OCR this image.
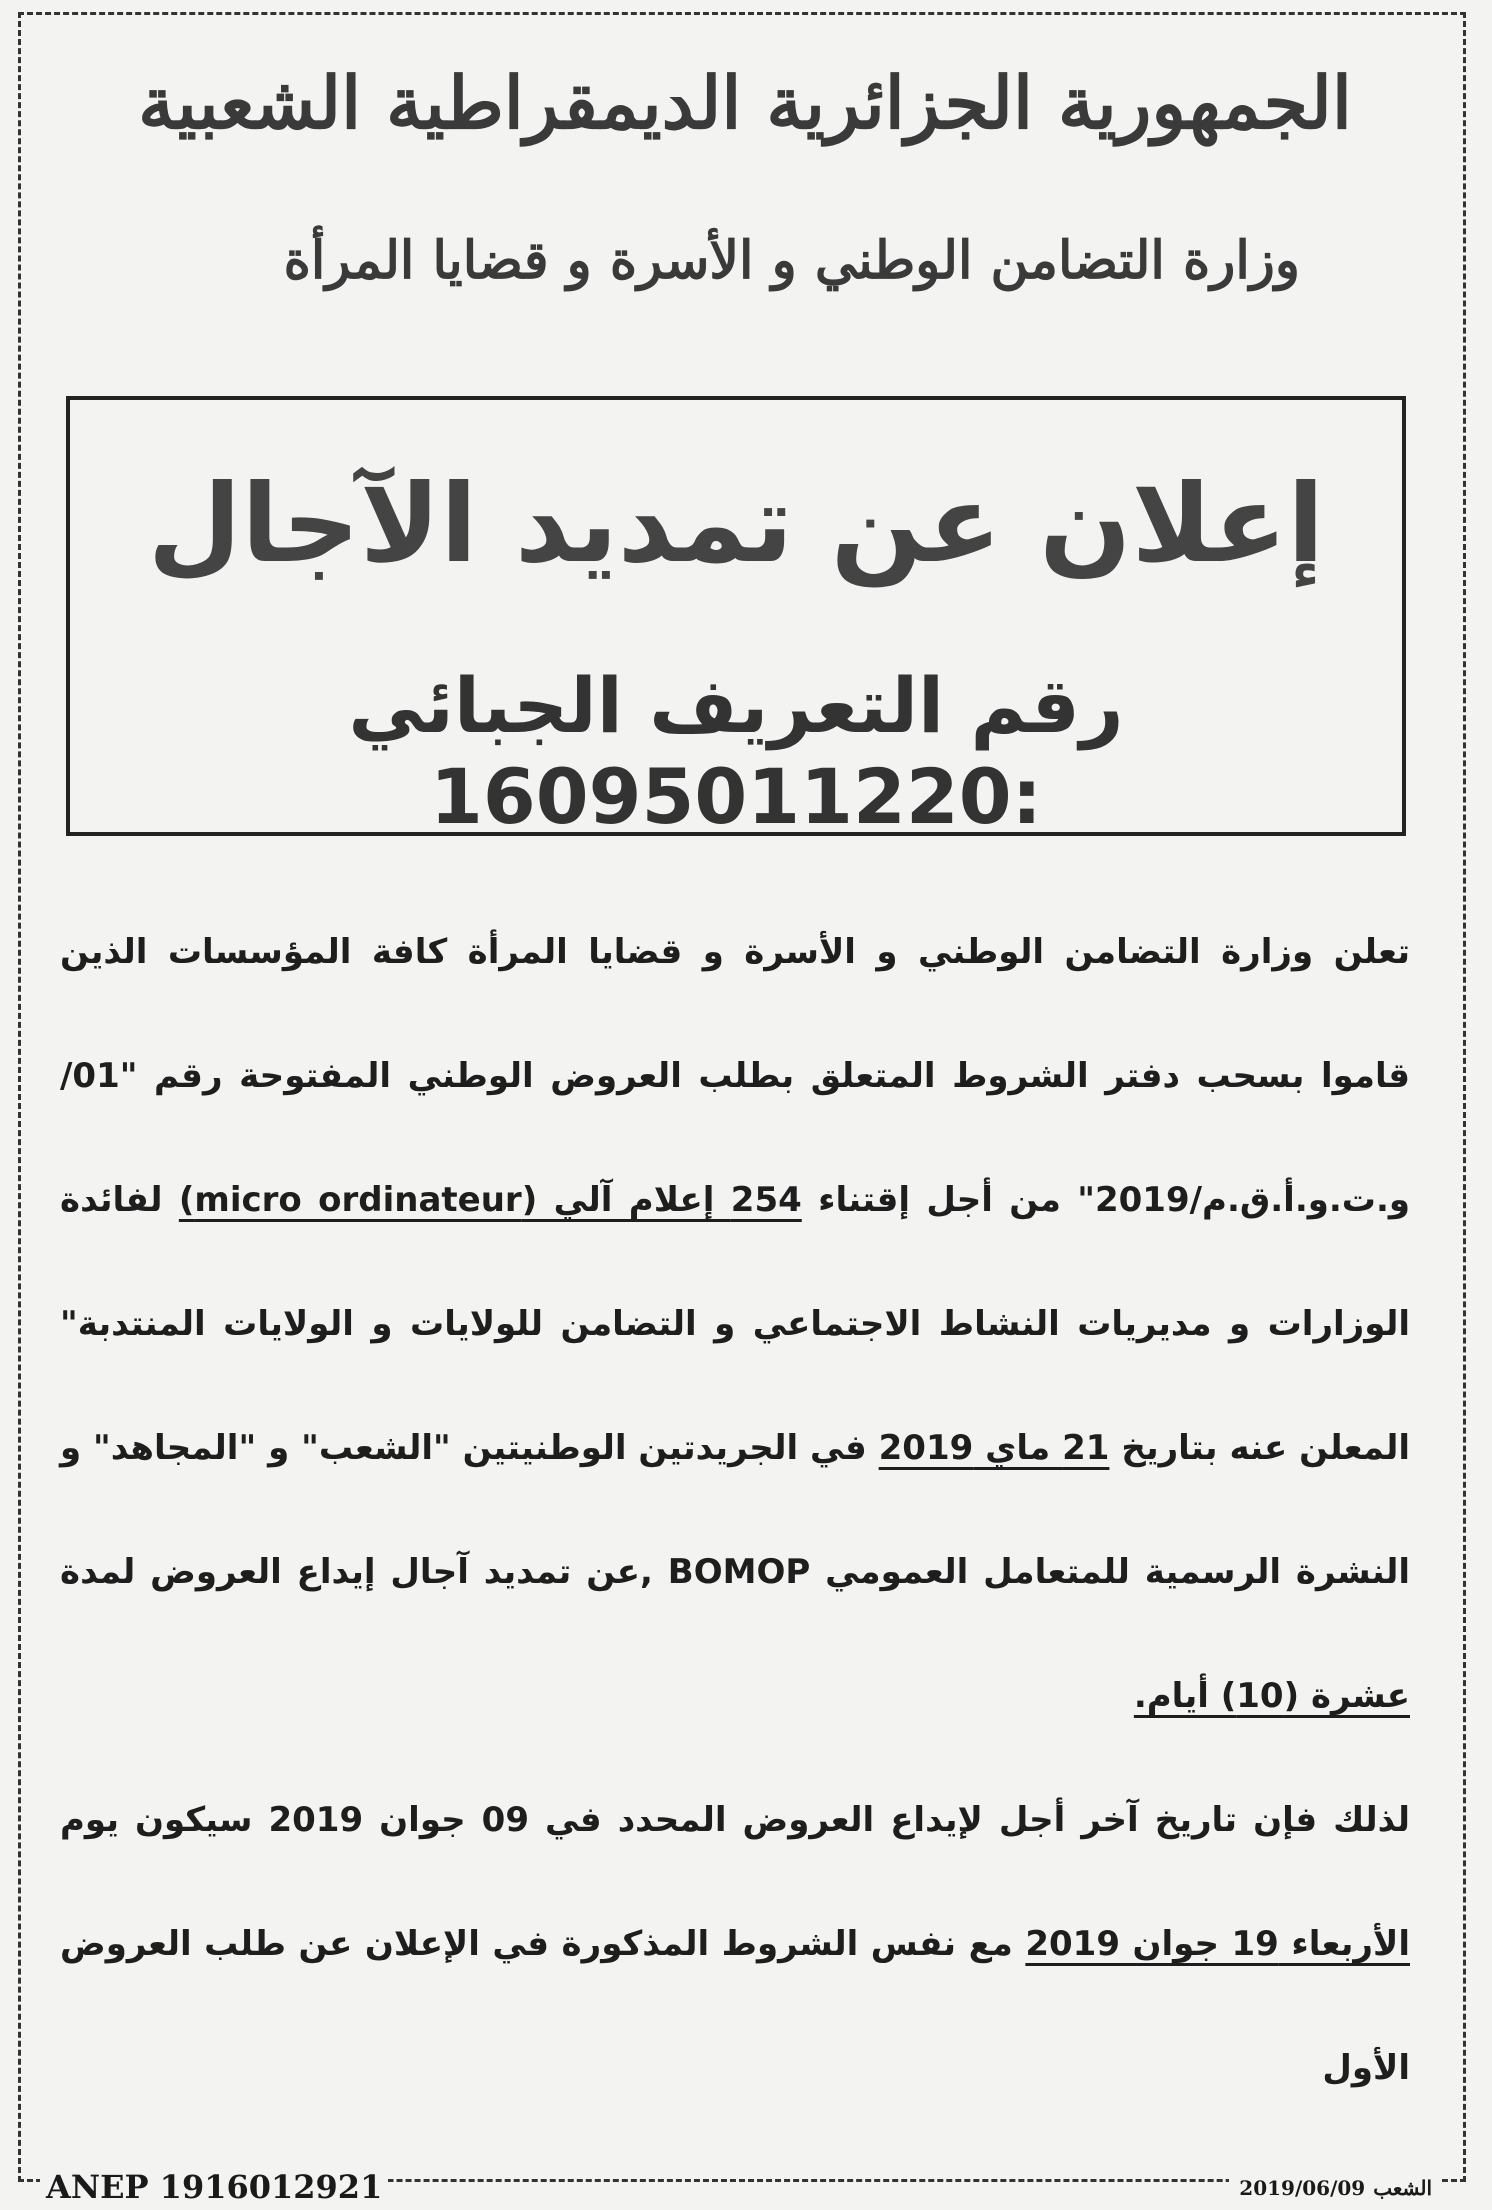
الجمهورية الجزائرية الديمقراطية الشعبية
وزارة التضامن الوطني و الأسرة و قضايا المرأة
إعلان عن تمديد الآجال
رقم التعريف الجبائي :16095011220

تعلن وزارة التضامن الوطني و الأسرة و قضايا المرأة كافة المؤسسات الذين قاموا بسحب دفتر الشروط المتعلق بطلب العروض الوطني المفتوحة رقم "01/و.ت.و.أ.ق.م/2019" من أجل إقتناء 254 إعلام آلي (micro ordinateur) لفائدة الوزارات و مديريات النشاط الاجتماعي و التضامن للولايات و الولايات المنتدبة" المعلن عنه بتاريخ 21 ماي 2019 في الجريدتين الوطنيتين "الشعب" و "المجاهد" و النشرة الرسمية للمتعامل العمومي BOMOP ,عن تمديد آجال إيداع العروض لمدة عشرة (10) أيام.

لذلك فإن تاريخ آخر أجل لإيداع العروض المحدد في 09 جوان 2019 سيكون يوم الأربعاء 19 جوان 2019 مع نفس الشروط المذكورة في الإعلان عن طلب العروض الأول

ANEP 1916012921	2019/06/09 الشعب
